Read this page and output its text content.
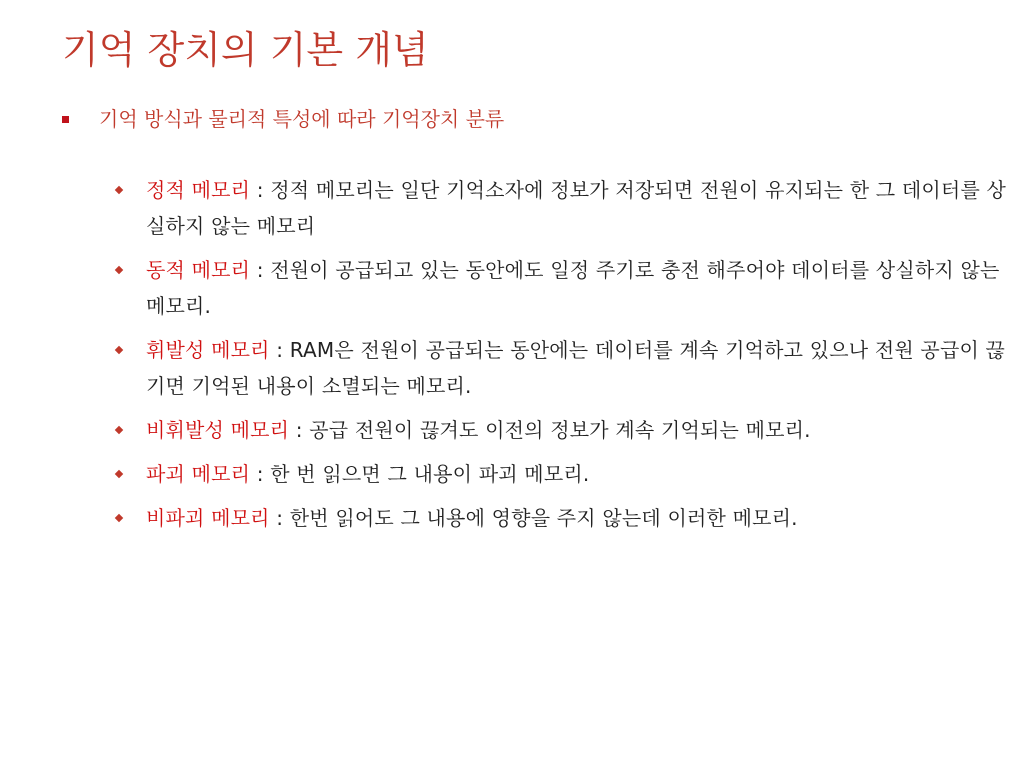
기억 장치의 기본 개념
기억 방식과 물리적 특성에 따라 기억장치 분류
정적 메모리 : 정적 메모리는 일단 기억소자에 정보가 저장되면 전원이 유지되는 한 그 데이터를 상실하지 않는 메모리
동적 메모리 : 전원이 공급되고 있는 동안에도 일정 주기로 충전 해주어야 데이터를 상실하지 않는 메모리.
휘발성 메모리 : RAM은 전원이 공급되는 동안에는 데이터를 계속 기억하고 있으나 전원 공급이 끊기면 기억된 내용이 소멸되는 메모리.
비휘발성 메모리 : 공급 전원이 끊겨도 이전의 정보가 계속 기억되는 메모리.
파괴 메모리 : 한 번 읽으면 그 내용이 파괴 메모리.
비파괴 메모리 : 한번 읽어도 그 내용에 영향을 주지 않는데 이러한 메모리.
